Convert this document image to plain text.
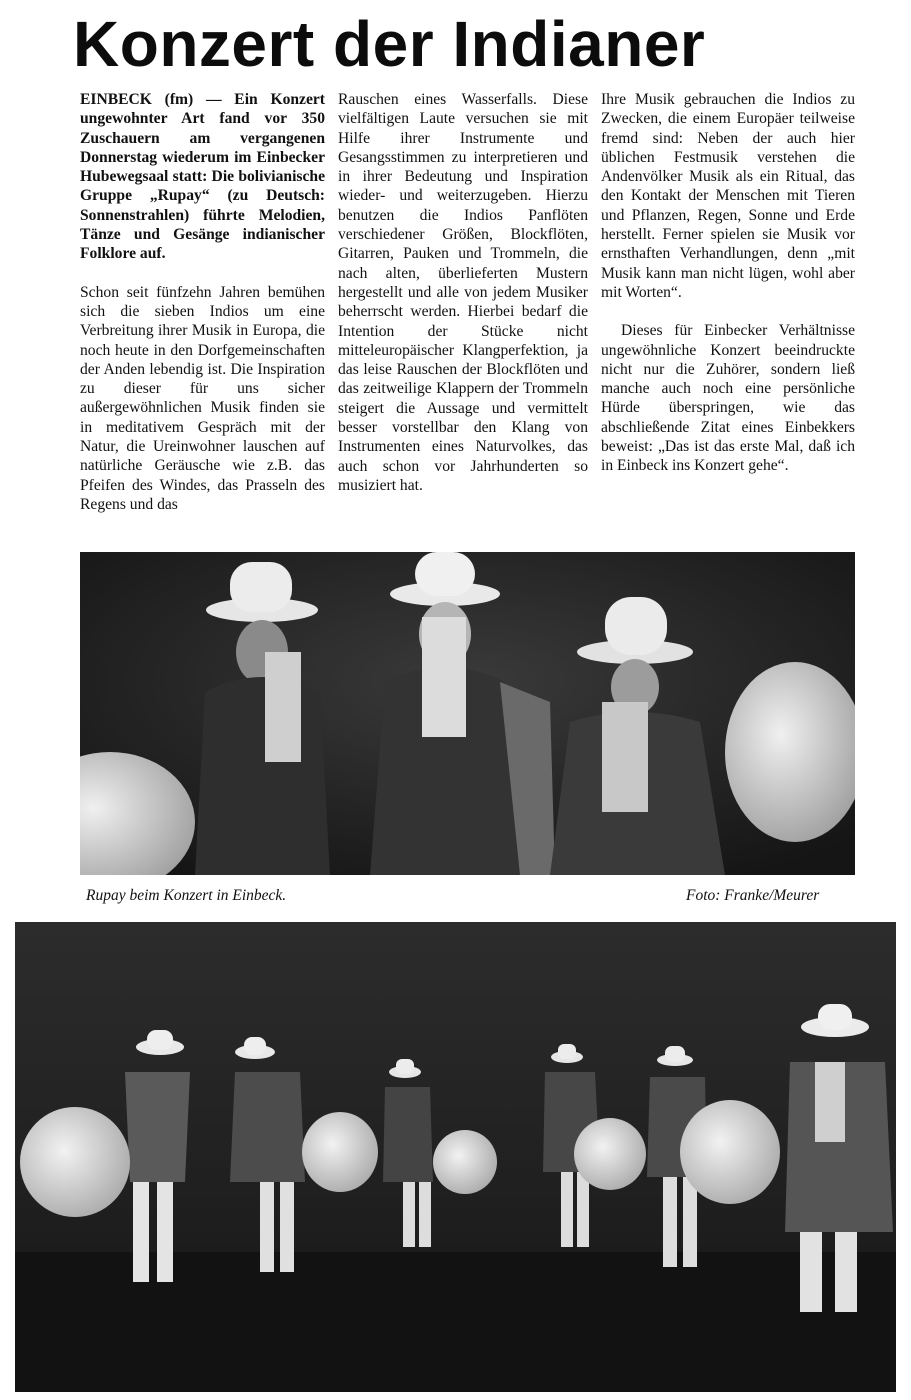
Konzert der Indianer

EINBECK (fm) — Ein Konzert ungewohnter Art fand vor 350 Zuschauern am vergangenen Donnerstag wiederum im Einbecker Hubewegsaal statt: Die bolivianische Gruppe „Rupay“ (zu Deutsch: Sonnenstrahlen) führte Melodien, Tänze und Gesänge indianischer Folklore auf.

Schon seit fünfzehn Jahren bemühen sich die sieben Indios um eine Verbreitung ihrer Musik in Europa, die noch heute in den Dorfgemeinschaften der Anden lebendig ist. Die Inspiration zu dieser für uns sicher außergewöhnlichen Musik finden sie in meditativem Gespräch mit der Natur, die Ureinwohner lauschen auf natürliche Geräusche wie z.B. das Pfeifen des Windes, das Prasseln des Regens und das

Rauschen eines Wasserfalls. Diese vielfältigen Laute versuchen sie mit Hilfe ihrer Instrumente und Gesangsstimmen zu interpretieren und in ihrer Bedeutung und Inspiration wieder- und weiterzugeben. Hierzu benutzen die Indios Panflöten verschiedener Größen, Blockflöten, Gitarren, Pauken und Trommeln, die nach alten, überlieferten Mustern hergestellt und alle von jedem Musiker beherrscht werden. Hierbei bedarf die Intention der Stücke nicht mitteleuropäischer Klangperfektion, ja das leise Rauschen der Blockflöten und das zeitweilige Klappern der Trommeln steigert die Aussage und vermittelt besser vorstellbar den Klang von Instrumenten eines Naturvolkes, das auch schon vor Jahrhunderten so musiziert hat.

Ihre Musik gebrauchen die Indios zu Zwecken, die einem Europäer teilweise fremd sind: Neben der auch hier üblichen Festmusik verstehen die Andenvölker Musik als ein Ritual, das den Kontakt der Menschen mit Tieren und Pflanzen, Regen, Sonne und Erde herstellt. Ferner spielen sie Musik vor ernsthaften Verhandlungen, denn „mit Musik kann man nicht lügen, wohl aber mit Worten“.

Dieses für Einbecker Verhältnisse ungewöhnliche Konzert beeindruckte nicht nur die Zuhörer, sondern ließ manche auch noch eine persönliche Hürde überspringen, wie das abschließende Zitat eines Einbekkers beweist: „Das ist das erste Mal, daß ich in Einbeck ins Konzert gehe“.

Rupay beim Konzert in Einbeck.	Foto: Franke/Meurer
